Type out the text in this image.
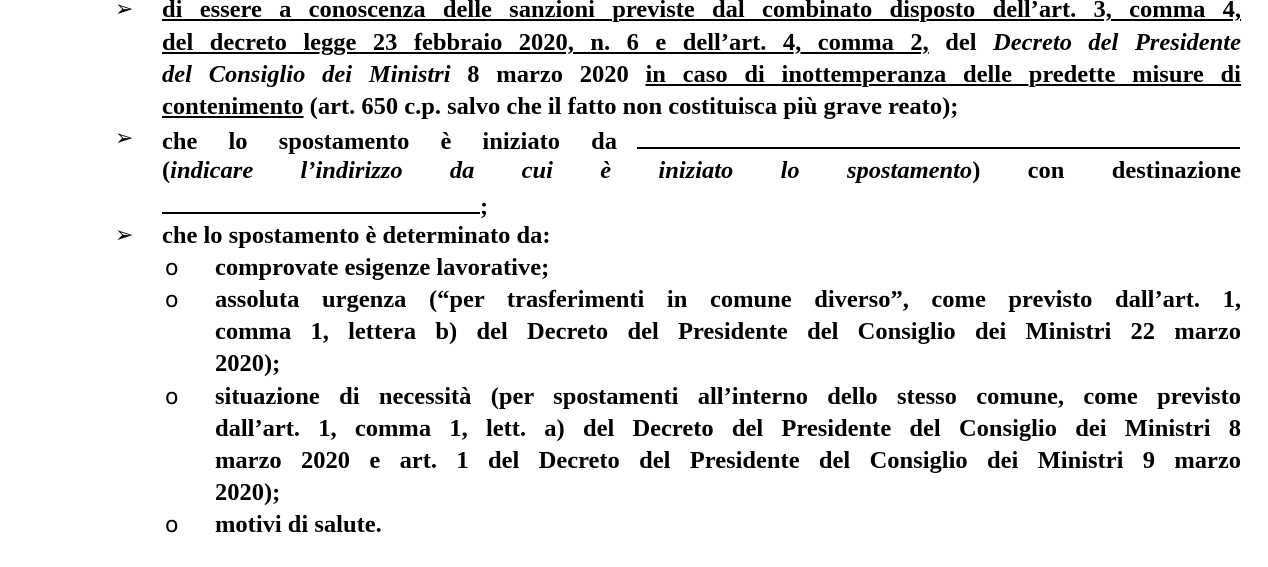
➢ di essere a conoscenza delle sanzioni previste dal combinato disposto dell’art. 3, comma 4,
del decreto legge 23 febbraio 2020, n. 6 e dell’art. 4, comma 2, del Decreto del Presidente
del Consiglio dei Ministri 8 marzo 2020 in caso di inottemperanza delle predette misure di
contenimento (art. 650 c.p. salvo che il fatto non costituisca più grave reato);
➢ che lo spostamento è iniziato da
(indicare l’indirizzo da cui è iniziato lo spostamento) con destinazione
;
➢ che lo spostamento è determinato da:
o comprovate esigenze lavorative;
o assoluta urgenza (“per trasferimenti in comune diverso”, come previsto dall’art. 1,
comma 1, lettera b) del Decreto del Presidente del Consiglio dei Ministri 22 marzo
2020);
o situazione di necessità (per spostamenti all’interno dello stesso comune, come previsto
dall’art. 1, comma 1, lett. a) del Decreto del Presidente del Consiglio dei Ministri 8
marzo 2020 e art. 1 del Decreto del Presidente del Consiglio dei Ministri 9 marzo
2020);
o motivi di salute.
